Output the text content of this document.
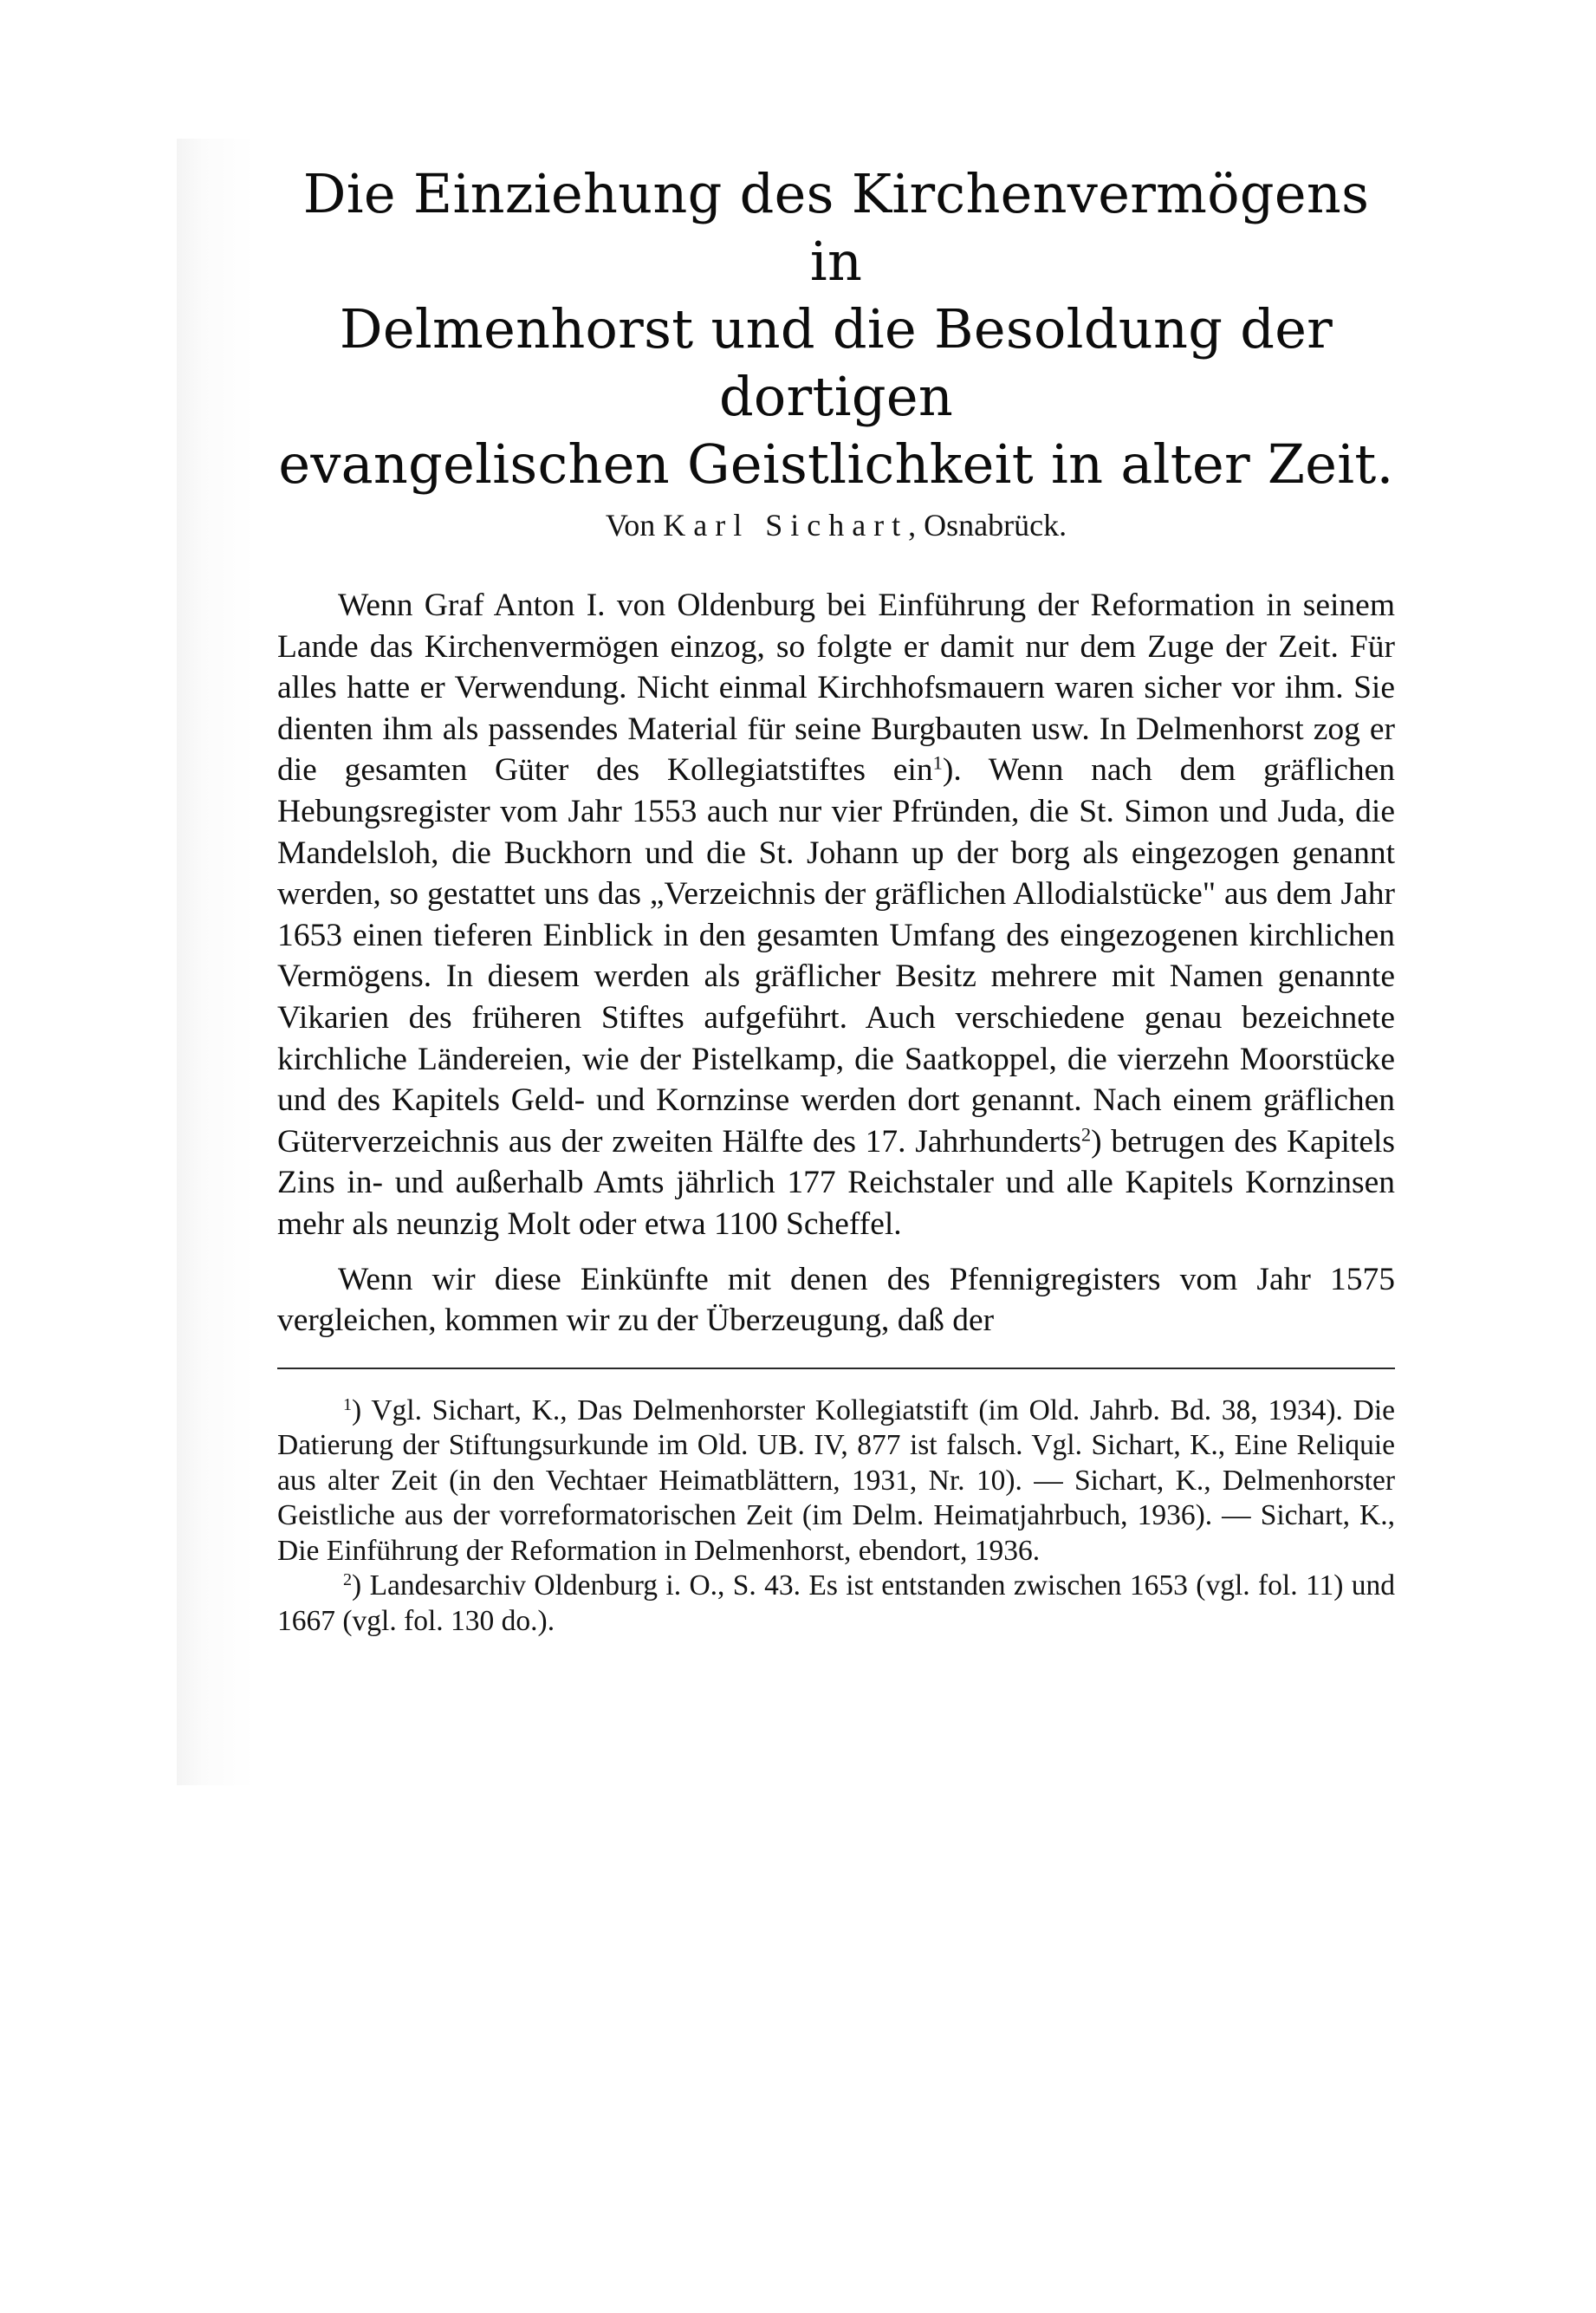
Die Einziehung des Kirchenvermögens in
Delmenhorst und die Besoldung der dortigen
evangelischen Geistlichkeit in alter Zeit.
Von Karl Sichart, Osnabrück.

Wenn Graf Anton I. von Oldenburg bei Einführung der Reformation in seinem Lande das Kirchenvermögen einzog, so folgte er damit nur dem Zuge der Zeit. Für alles hatte er Verwendung. Nicht einmal Kirchhofsmauern waren sicher vor ihm. Sie dienten ihm als passendes Material für seine Burgbauten usw. In Delmenhorst zog er die gesamten Güter des Kollegiatstiftes ein$^1$). Wenn nach dem gräflichen Hebungsregister vom Jahr 1553 auch nur vier Pfründen, die St. Simon und Juda, die Mandelsloh, die Buckhorn und die St. Johann up der borg als eingezogen genannt werden, so gestattet uns das „Verzeichnis der gräflichen Allodialstücke" aus dem Jahr 1653 einen tieferen Einblick in den gesamten Umfang des eingezogenen kirchlichen Vermögens. In diesem werden als gräflicher Besitz mehrere mit Namen genannte Vikarien des früheren Stiftes aufgeführt. Auch verschiedene genau bezeichnete kirchliche Ländereien, wie der Pistelkamp, die Saatkoppel, die vierzehn Moorstücke und des Kapitels Geld- und Kornzinse werden dort genannt. Nach einem gräflichen Güterverzeichnis aus der zweiten Hälfte des 17. Jahrhunderts$^2$) betrugen des Kapitels Zins in- und außerhalb Amts jährlich 177 Reichstaler und alle Kapitels Kornzinsen mehr als neunzig Molt oder etwa 1100 Scheffel.

Wenn wir diese Einkünfte mit denen des Pfennigregisters vom Jahr 1575 vergleichen, kommen wir zu der Überzeugung, daß der

$^1$) Vgl. Sichart, K., Das Delmenhorster Kollegiatstift (im Old. Jahrb. Bd. 38, 1934). Die Datierung der Stiftungsurkunde im Old. UB. IV, 877 ist falsch. Vgl. Sichart, K., Eine Reliquie aus alter Zeit (in den Vechtaer Heimatblättern, 1931, Nr. 10). — Sichart, K., Delmenhorster Geistliche aus der vorreformatorischen Zeit (im Delm. Heimatjahrbuch, 1936). — Sichart, K., Die Einführung der Reformation in Delmenhorst, ebendort, 1936.

$^2$) Landesarchiv Oldenburg i. O., S. 43. Es ist entstanden zwischen 1653 (vgl. fol. 11) und 1667 (vgl. fol. 130 do.).
